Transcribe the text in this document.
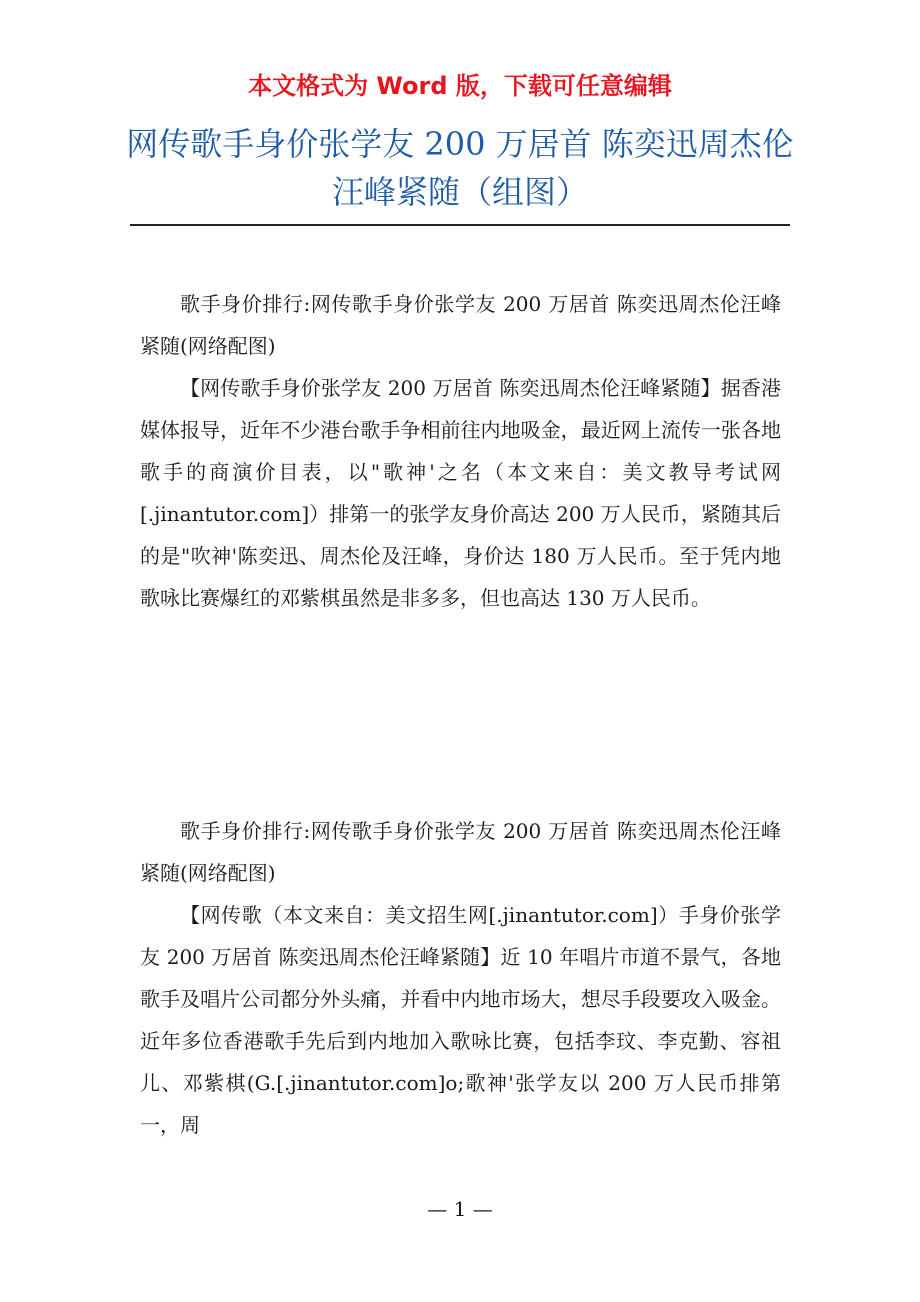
本文格式为 Word 版，下载可任意编辑
网传歌手身价张学友 200 万居首 陈奕迅周杰伦汪峰紧随（组图）

歌手身价排行:网传歌手身价张学友 200 万居首 陈奕迅周杰伦汪峰紧随(网络配图)

【网传歌手身价张学友 200 万居首 陈奕迅周杰伦汪峰紧随】据香港媒体报导，近年不少港台歌手争相前往内地吸金，最近网上流传一张各地歌手的商演价目表，以"歌神'之名（本文来自：美文教导考试网[.jinantutor.com]）排第一的张学友身价高达 200 万人民币，紧随其后的是"吹神'陈奕迅、周杰伦及汪峰，身价达 180 万人民币。至于凭内地歌咏比赛爆红的邓紫棋虽然是非多多，但也高达 130 万人民币。

歌手身价排行:网传歌手身价张学友 200 万居首 陈奕迅周杰伦汪峰紧随(网络配图)

【网传歌（本文来自：美文招生网[.jinantutor.com]）手身价张学友 200 万居首 陈奕迅周杰伦汪峰紧随】近 10 年唱片市道不景气，各地歌手及唱片公司都分外头痛，并看中内地市场大，想尽手段要攻入吸金。近年多位香港歌手先后到内地加入歌咏比赛，包括李玟、李克勤、容祖儿、邓紫棋(G.[.jinantutor.com]o;歌神'张学友以 200 万人民币排第一，周

— 1 —
